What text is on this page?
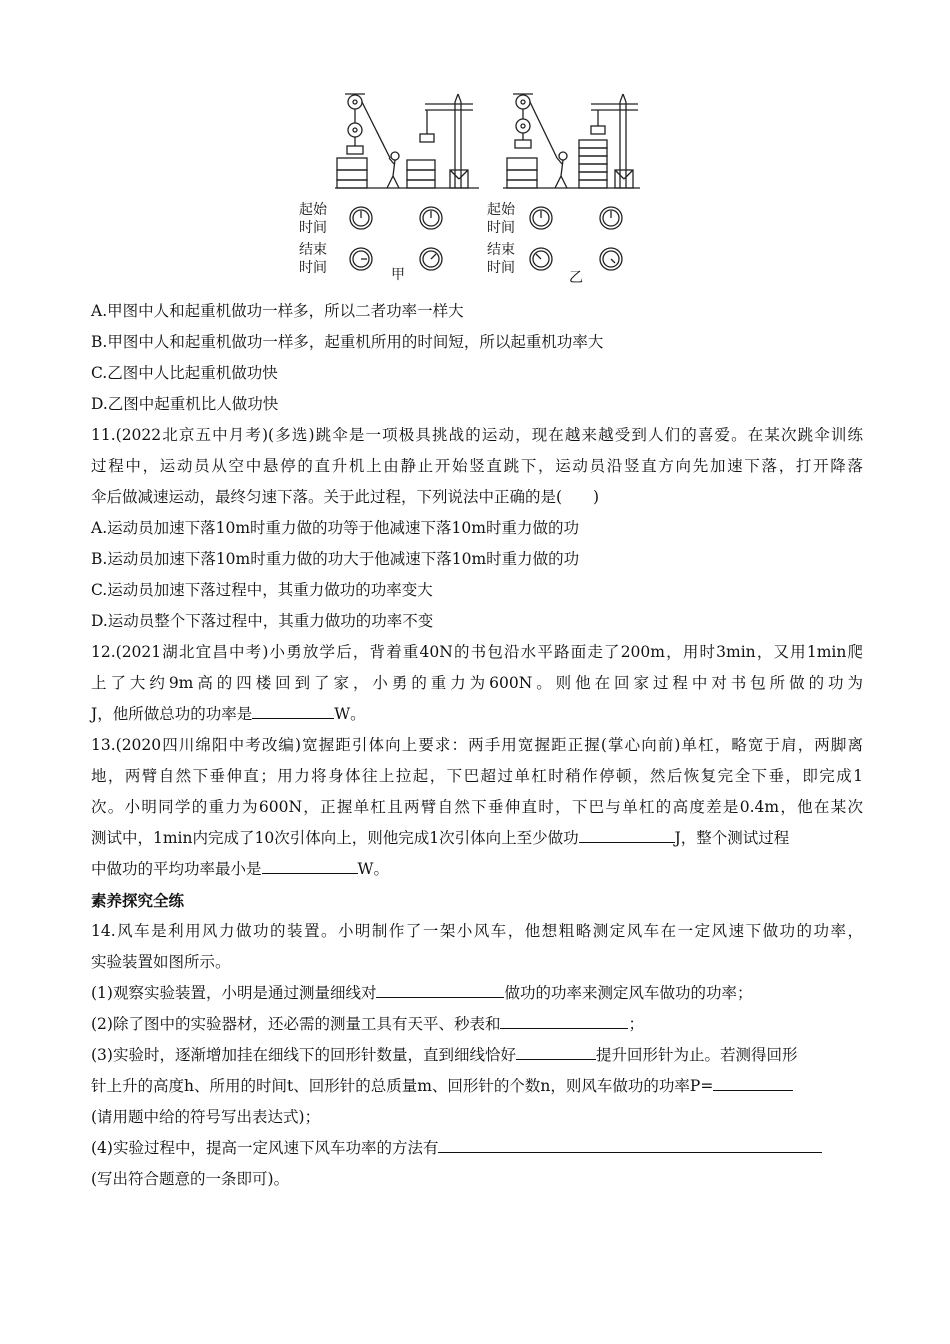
起始
时间
结束
时间	甲
起始
时间
结束
时间
乙
A.甲图中人和起重机做功一样多，所以二者功率一样大
B.甲图中人和起重机做功一样多，起重机所用的时间短，所以起重机功率大
C.乙图中人比起重机做功快
D.乙图中起重机比人做功快
11.(2022北京五中月考)(多选)跳伞是一项极具挑战的运动，现在越来越受到人们的喜爱。在某次跳伞训练
过程中，运动员从空中悬停的直升机上由静止开始竖直跳下，运动员沿竖直方向先加速下落，打开降落
伞后做减速运动，最终匀速下落。关于此过程，下列说法中正确的是(　　)
A.运动员加速下落10m时重力做的功等于他减速下落10m时重力做的功
B.运动员加速下落10m时重力做的功大于他减速下落10m时重力做的功
C.运动员加速下落过程中，其重力做功的功率变大
D.运动员整个下落过程中，其重力做功的功率不变
12.(2021湖北宜昌中考)小勇放学后，背着重40N的书包沿水平路面走了200m，用时3min，又用1min爬
上了大约9m高的四楼回到了家，小勇的重力为600N。则他在回家过程中对书包所做的功为
J，他所做总功的功率是	W。
13.(2020四川绵阳中考改编)宽握距引体向上要求：两手用宽握距正握(掌心向前)单杠，略宽于肩，两脚离
地，两臂自然下垂伸直；用力将身体往上拉起，下巴超过单杠时稍作停顿，然后恢复完全下垂，即完成1
次。小明同学的重力为600N，正握单杠且两臂自然下垂伸直时，下巴与单杠的高度差是0.4m，他在某次
测试中，1min内完成了10次引体向上，则他完成1次引体向上至少做功	J，整个测试过程
中做功的平均功率最小是	W。
素养探究全练
14.风车是利用风力做功的装置。小明制作了一架小风车，他想粗略测定风车在一定风速下做功的功率，
实验装置如图所示。
(1)观察实验装置，小明是通过测量细线对	做功的功率来测定风车做功的功率；
(2)除了图中的实验器材，还必需的测量工具有天平、秒表和	；
(3)实验时，逐渐增加挂在细线下的回形针数量，直到细线恰好	提升回形针为止。若测得回形
针上升的高度h、所用的时间t、回形针的总质量m、回形针的个数n，则风车做功的功率P=
(请用题中给的符号写出表达式)；
(4)实验过程中，提高一定风速下风车功率的方法有
(写出符合题意的一条即可)。
